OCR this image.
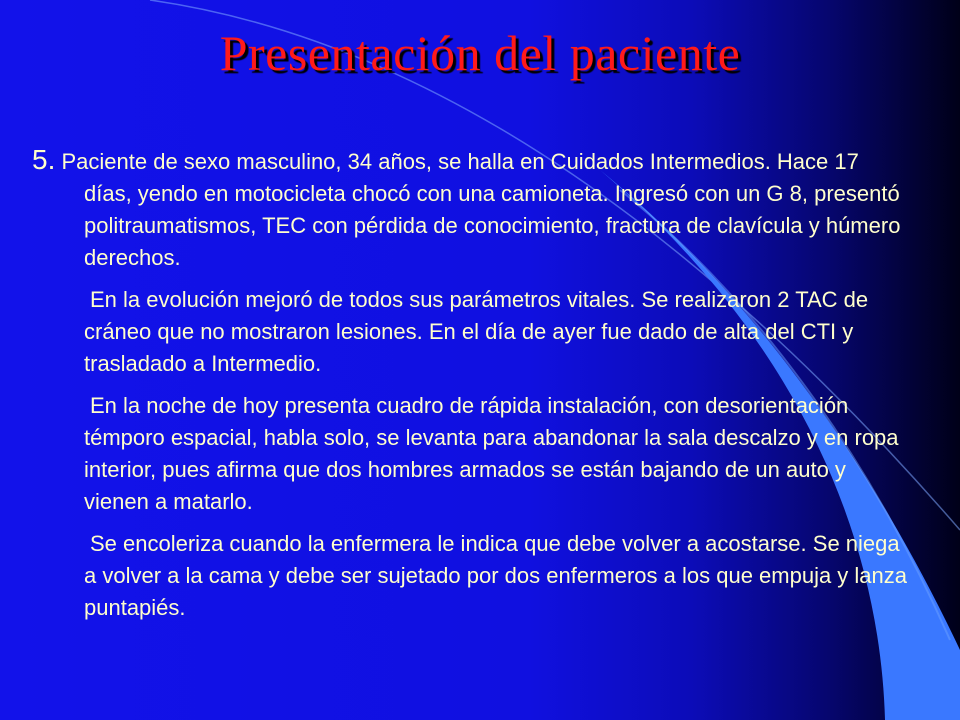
Presentación del paciente

5. Paciente de sexo masculino, 34 años, se halla en Cuidados Intermedios. Hace 17 días, yendo en motocicleta chocó con una camioneta. Ingresó con un G 8, presentó politraumatismos, TEC con pérdida de conocimiento, fractura de clavícula y húmero derechos.

En la evolución mejoró de todos sus parámetros vitales. Se realizaron 2 TAC de cráneo que no mostraron lesiones. En el día de ayer fue dado de alta del CTI y trasladado a Intermedio.

En la noche de hoy presenta cuadro de rápida instalación, con desorientación témporo espacial, habla solo, se levanta para abandonar la sala descalzo y en ropa interior, pues afirma que dos hombres armados se están bajando de un auto y vienen a matarlo.

Se encoleriza cuando la enfermera le indica que debe volver a acostarse. Se niega a volver a la cama y debe ser sujetado por dos enfermeros a los que empuja y lanza puntapiés.
